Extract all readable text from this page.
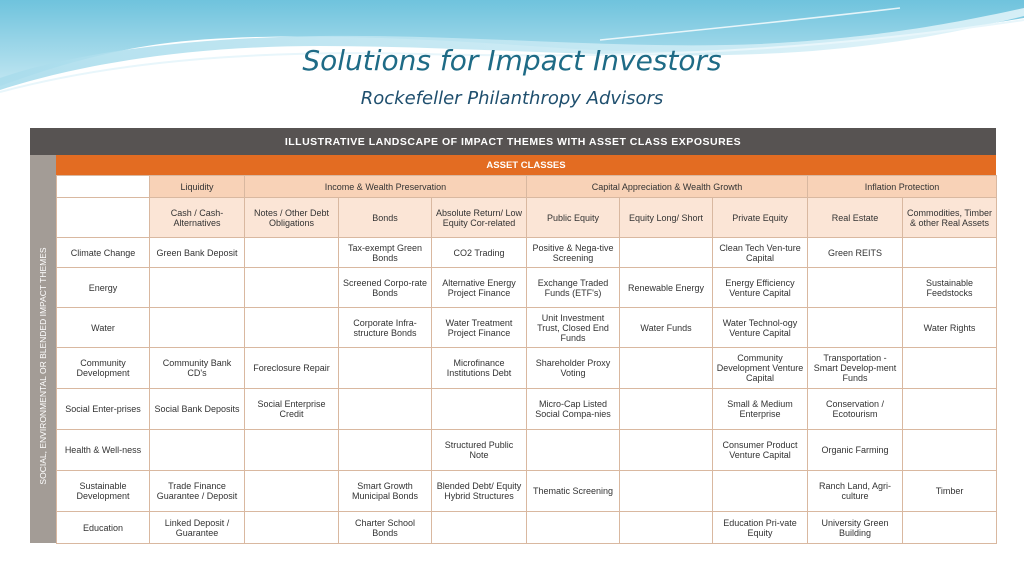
Solutions for Impact Investors
Rockefeller Philanthropy Advisors
ILLUSTRATIVE LANDSCAPE OF IMPACT THEMES WITH ASSET CLASS EXPOSURES
SOCIAL, ENVIRONMENTAL OR BLENDED IMPACT THEMES
ASSET CLASSES
	Liquidity	Income & Wealth Preservation			Capital Appreciation & Wealth Growth			Inflation Protection	
	Cash / Cash-Alternatives	Notes / Other Debt Obligations	Bonds	Absolute Return/ Low Equity Cor-related	Public Equity	Equity Long/ Short	Private Equity	Real Estate	Commodities, Timber & other Real Assets
Climate Change	Green Bank Deposit		Tax-exempt Green Bonds	CO2 Trading	Positive & Nega-tive Screening		Clean Tech Ven-ture Capital	Green REITS	
Energy			Screened Corpo-rate Bonds	Alternative Energy Project Finance	Exchange Traded Funds (ETF's)	Renewable Energy	Energy Efficiency Venture Capital		Sustainable Feedstocks
Water			Corporate Infra-structure Bonds	Water Treatment Project Finance	Unit Investment Trust, Closed End Funds	Water Funds	Water Technol-ogy Venture Capital		Water Rights
Community Development	Community Bank CD's	Foreclosure Repair		Microfinance Institutions Debt	Shareholder Proxy Voting		Community Development Venture Capital	Transportation - Smart Develop-ment Funds	
Social Enter-prises	Social Bank Deposits	Social Enterprise Credit			Micro-Cap Listed Social Compa-nies		Small & Medium Enterprise	Conservation / Ecotourism	
Health & Well-ness				Structured Public Note			Consumer Product Venture Capital	Organic Farming	
Sustainable Development	Trade Finance Guarantee / Deposit		Smart Growth Municipal Bonds	Blended Debt/ Equity Hybrid Structures	Thematic Screening			Ranch Land, Agri-culture	Timber
Education	Linked Deposit / Guarantee		Charter School Bonds				Education Pri-vate Equity	University Green Building	
